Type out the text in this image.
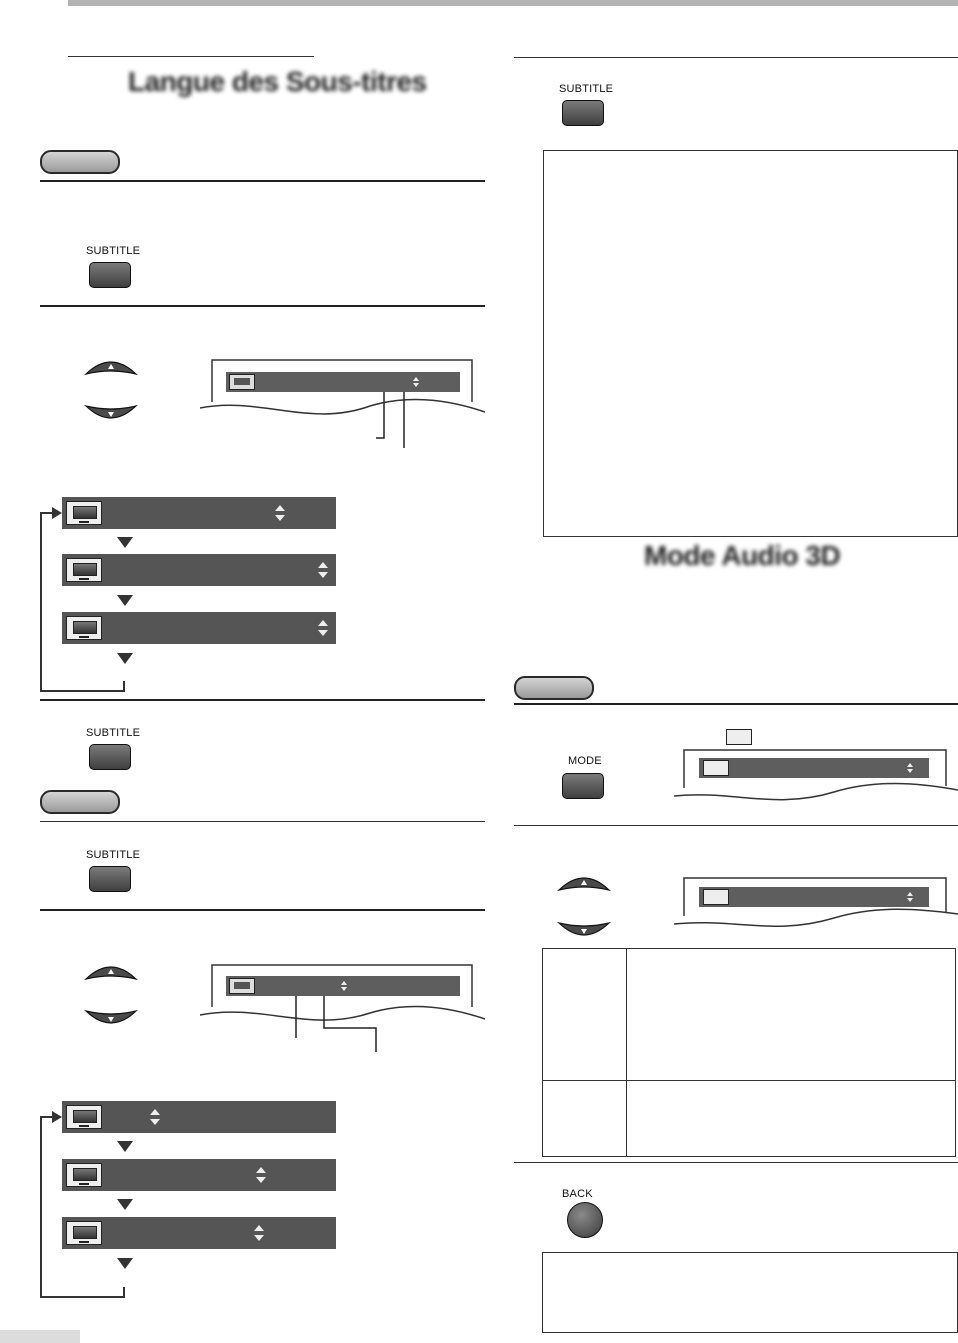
Langue des Sous-titres
SUBTITLE
SUBTITLE
SUBTITLE
SUBTITLE
Mode Audio 3D
MODE
BACK
